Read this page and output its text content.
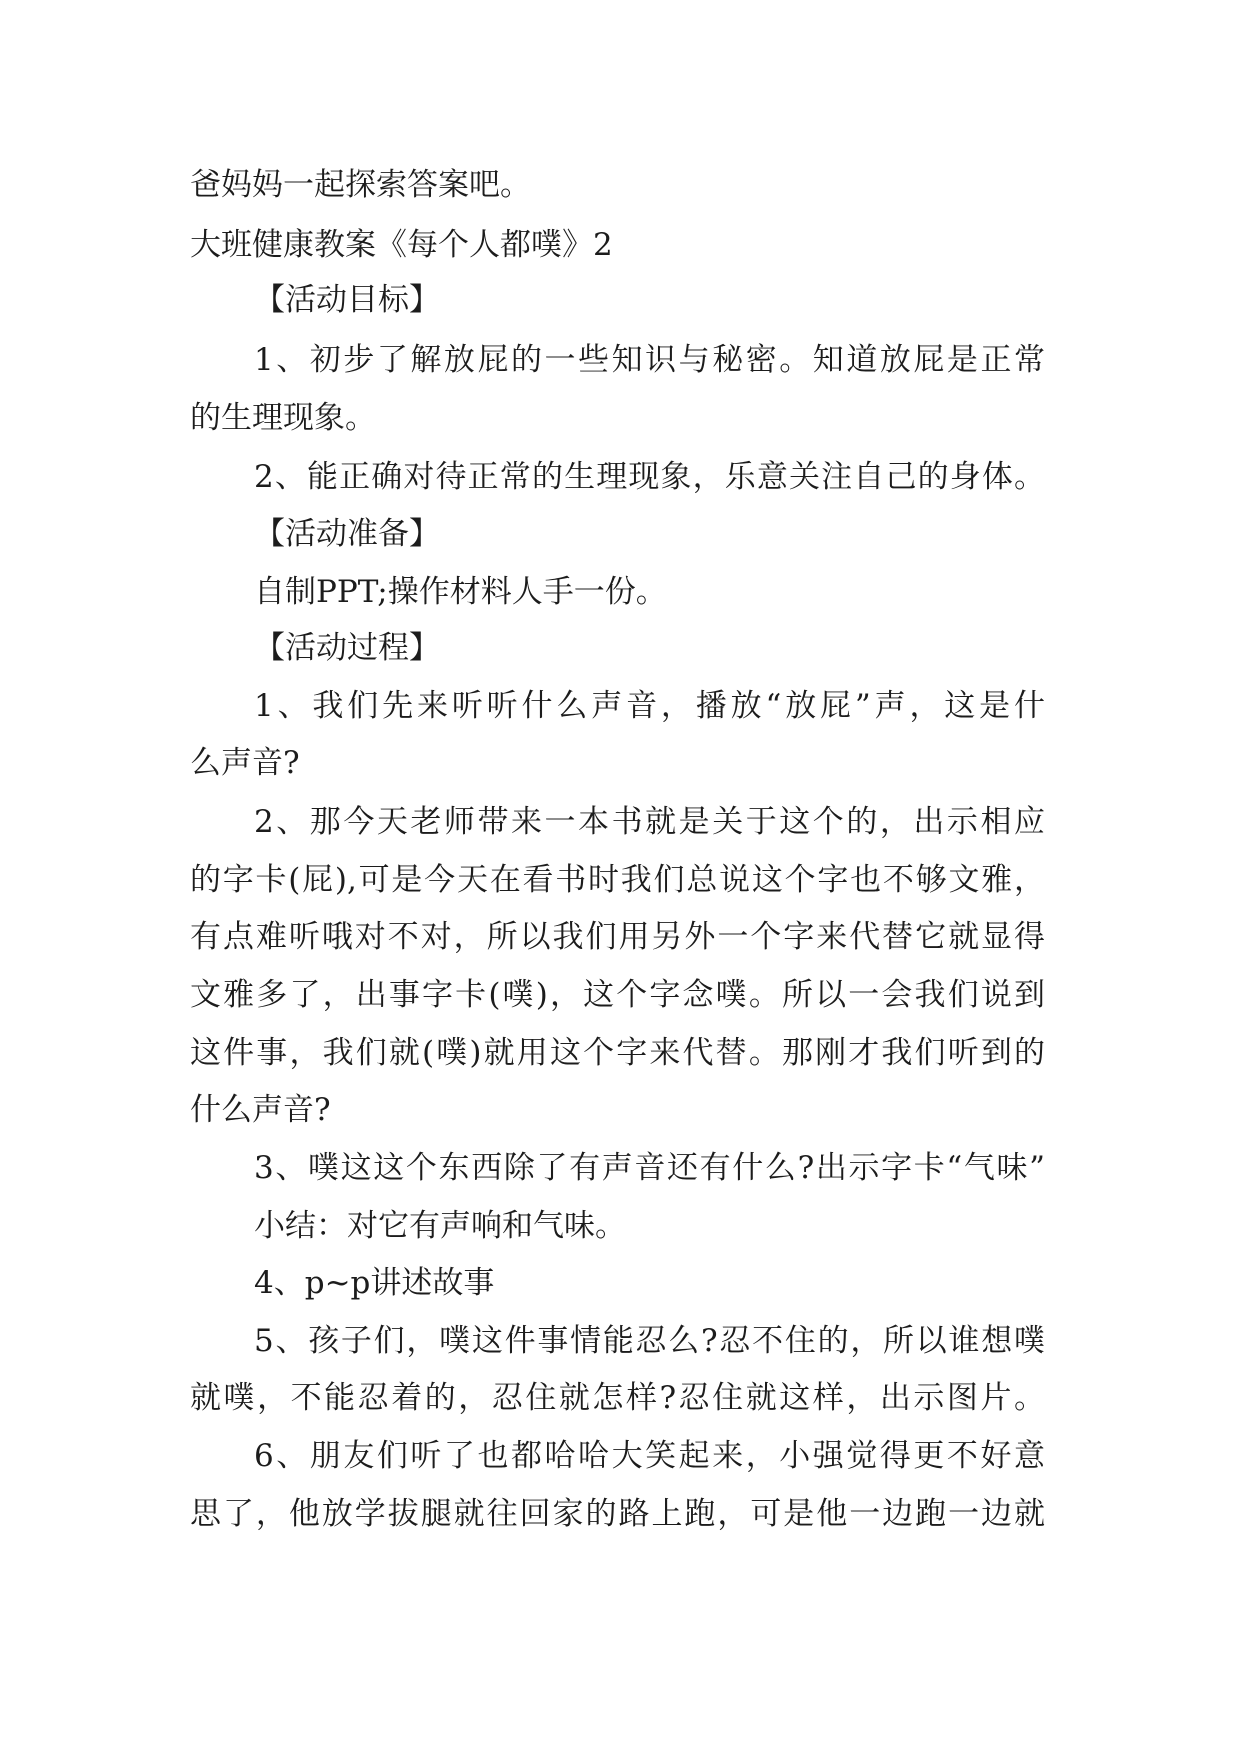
爸妈妈一起探索答案吧。
大班健康教案《每个人都噗》2
【活动目标】
1、初步了解放屁的一些知识与秘密。知道放屁是正常
的生理现象。
2、能正确对待正常的生理现象，乐意关注自己的身体。
【活动准备】
自制PPT;操作材料人手一份。
【活动过程】
1、我们先来听听什么声音，播放“放屁”声，这是什
么声音?
2、那今天老师带来一本书就是关于这个的，出示相应
的字卡(屁),可是今天在看书时我们总说这个字也不够文雅，
有点难听哦对不对，所以我们用另外一个字来代替它就显得
文雅多了，出事字卡(噗)，这个字念噗。所以一会我们说到
这件事，我们就(噗)就用这个字来代替。那刚才我们听到的
什么声音?
3、噗这这个东西除了有声音还有什么?出示字卡“气味”
小结：对它有声响和气味。
4、p~p讲述故事
5、孩子们，噗这件事情能忍么?忍不住的，所以谁想噗
就噗，不能忍着的，忍住就怎样?忍住就这样，出示图片。
6、朋友们听了也都哈哈大笑起来，小强觉得更不好意
思了，他放学拔腿就往回家的路上跑，可是他一边跑一边就
